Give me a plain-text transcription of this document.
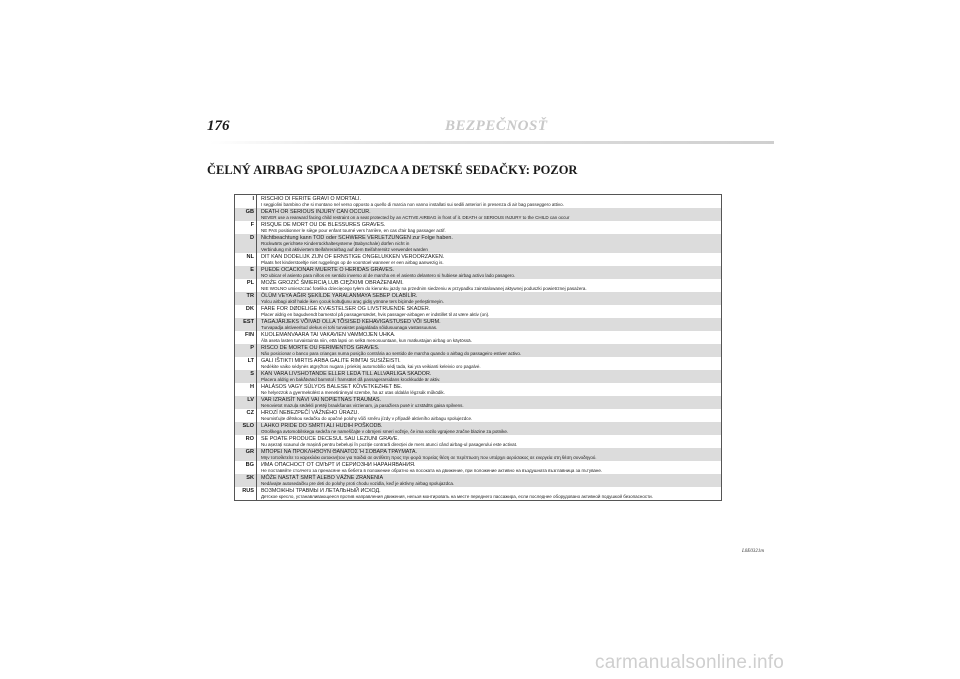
176	BEZPEČNOSŤ
ČELNÝ AIRBAG SPOLUJAZDCA A DETSKÉ SEDAČKY: POZOR
I	RISCHIO DI FERITE GRAVI O MORTALI.
I seggiolini bambino che si montano nel verso opposto a quello di marcia non vanno installati sui sedili anteriori in presenza di air bag passeggero attivo.
GB	DEATH OR SERIOUS INJURY CAN OCCUR.
NEVER use a rearward facing child restraint on a seat protected by an ACTIVE AIRBAG in front of it. DEATH or SERIOUS INJURY to the CHILD can occur
F	RISQUE DE MORT OU DE BLESSURES GRAVES.
NE PAS positionner le siège pour enfant tourné vers l'arrière, en cas d'air bag passager actif.
D	Nichtbeachtung kann TOD oder SCHWERE VERLETZUNGEN zur Folge haben.
Rückwärts gerichtete Kinderrückhaltesysteme (Babyschale) dürfen nicht in
Verbindung mit aktiviertem Beifahrerairbag auf dem Beifahrersitz verwendet warden
NL	DIT KAN DODELIJK ZIJN OF ERNSTIGE ONGELUKKEN VEROORZAKEN.
Plaats het kinderstoeltje niet ruggelings op de voorstoel wanneer er een airbag aanwezig is.
E	PUEDE OCACIONAR MUERTE O HERIDAS GRAVES.
NO ubicar el asiento para niños en sentido inverso al de marcha en el asiento delantero si hubiese airbag activo lado pasagero.
PL	MOŻE GROZIĆ ŚMIERCIĄ LUB CIĘŻKIMI OBRAŻENIAMI.
NIE WOLNO umieszczać fotelika dziecięcego tyłem do kierunku jazdy na przednim siedzeniu w przypadku zainstalowanej aktywnej poduszki powietrznej pasażera.
TR	ÖLÜM VEYA AĞIR ŞEKİLDE YARALANMAYA SEBEP OLABİLİR.
Yolcu airbagi aktif halde iken çocuk koltuğunu araç gidiş yönüne ters biçimde yerleştirmeyin.
DK	FARE FOR DØDELIGE KVÆSTELSER OG LIVSTRUENDE SKADER.
Placer aldrig en bagudvendt barnestol på passagersædet, hvis passager-airbagen er indstillet til at være aktiv (on).
EST	TAGAJÄRJEKS VÕIVAD OLLA TÕSISED KEHAVIGASTUSED VÕI SURM.
Turvapadja aktiveeritud olekus ei tohi turvaistet paigaldada sõidusuunaga vastassuunas.
FIN	KUOLEMANVAARA TAI VAKAVIEN VAMMOJEN UHKA.
Älä aseta lasten turvaistuinta niin, että lapsi on selkä menosuuntaan, kun matkustajan airbag on käytössä.
P	RISCO DE MORTE OU FERIMENTOS GRAVES.
Não posicionar o banco para crianças numa posição contrária ao sentido de marcha quando o airbag do passageiro estiver activo.
LT	GALI IŠTIKTI MIRTIS ARBA GALITE RIMTAI SUSIŽEISTI.
Nedėkite vaiko sėdynės atgręžtos nugara į priekinį automobilio sėdį tada, kai yra veikianti keleivio oro pagalvė.
S	KAN VARA LIVSHOTANDE ELLER LEDA TILL ALLVARLIGA SKADOR.
Placera aldrig en bakåtvänd barnstol i framsätet då passagerarsidans krockkudde är aktiv.
H	HALÁSOS VAGY SÚLYOS BALESET KÖVETKEZHET BE.
Ne helyezzük a gyermekülést a menetiránnyal szembe, ha az utas oldalán légzsák működik.
LV	VAR IZRAISĪT NĀVI VAI NOPIETNAS TRAUMAS.
Nenovietot mazuļa sēdekli pretēji braukšanas virzienam, ja pasažiera pusē ir uzstādīts gaisa spilvens.
CZ	HROZÍ NEBEZPEČÍ VÁŽNÉHO ÚRAZU.
Neumisťujte dětskou sedačku do opačné polohy vůči směru jízdy v případě aktivního airbagu spolujezdce.
SLO	LAHKO PRIDE DO SMRTI ALI HUDIH POŠKODB.
Otroškega avtomobilskega sedeža ne nameščajte v obrnjeni smeri vožnje, če ima vozilo vgrajene zračne blazine za potnike.
RO	SE POATE PRODUCE DECESUL SAU LEZIUNI GRAVE.
Nu așezați scaunul de mașină pentru bebeluși în poziție contrară direcției de mers atunci când airbag-ul pasagerului este activat.
GR	ΜΠΟΡΕΙ ΝΑ ΠΡΟΚΛΗΘΟΥΝ ΘΑΝΑΤΟΣ Ή ΣΟΒΑΡΑ ΤΡΑΥΜΑΤΑ.
Μην τοποθετείτε το καρεκλάκι αυτοκινήτου για παιδιά σε αντίθετη προς την φορά πορείας θέση σε περίπτωση που υπάρχει αερόσακος σε ενεργεία στη θέση συνοδηγού.
BG	ИМА ОПАСНОСТ ОТ СМЪРТ И СЕРИОЗНИ НАРАНЯВАНИЯ.
Не поставяйте столчето за пренасяне на бебета в положение обратно на посоката на движение, при положение активно на въздушната възглавница за пътуване.
SK	MÔŽE NASTAŤ SMRŤ ALEBO VÁŽNE ZRANENIA
Nedávajte autosedačku pre deti do polohy proti chodu vozidla, keď je aktívny airbag spolujazdca.
RUS	ВОЗМОЖНЫ ТРАВМЫ И ЛЕТАЛЬНЫЙ ИСХОД.
Детское кресло, устанавливающееся против направления движения, нельзя монтировать на месте переднего пассажира, если последнее оборудовано активной подушкой безопасности.
L0E0321m
carmanualsonline.info
